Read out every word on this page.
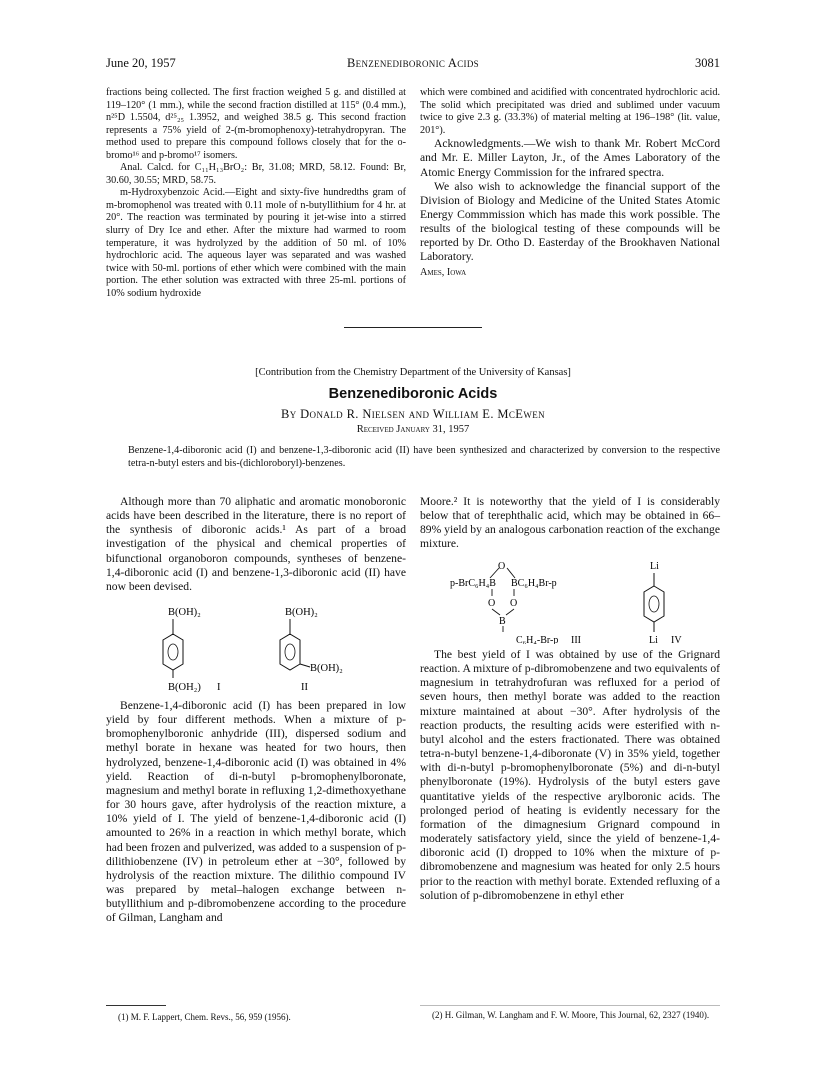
June 20, 1957	Benzenediboronic Acids	3081

fractions being collected. The first fraction weighed 5 g. and distilled at 119–120° (1 mm.), while the second fraction distilled at 115° (0.4 mm.), n²⁵D 1.5504, d²⁵₂₅ 1.3952, and weighed 38.5 g. This second fraction represents a 75% yield of 2-(m-bromophenoxy)-tetrahydropyran. The method used to prepare this compound follows closely that for the o-bromo¹⁶ and p-bromo¹⁷ isomers.

Anal. Calcd. for C₁₁H₁₃BrO₂: Br, 31.08; MRD, 58.12. Found: Br, 30.60, 30.55; MRD, 58.75.

m-Hydroxybenzoic Acid.—Eight and sixty-five hundredths gram of m-bromophenol was treated with 0.11 mole of n-butyllithium for 4 hr. at 20°. The reaction was terminated by pouring it jet-wise into a stirred slurry of Dry Ice and ether. After the mixture had warmed to room temperature, it was hydrolyzed by the addition of 50 ml. of 10% hydrochloric acid. The aqueous layer was separated and was washed twice with 50-ml. portions of ether which were combined with the main portion. The ether solution was extracted with three 25-ml. portions of 10% sodium hydroxide

which were combined and acidified with concentrated hydrochloric acid. The solid which precipitated was dried and sublimed under vacuum twice to give 2.3 g. (33.3%) of material melting at 196–198° (lit. value, 201°).

Acknowledgments.—We wish to thank Mr. Robert McCord and Mr. E. Miller Layton, Jr., of the Ames Laboratory of the Atomic Energy Commission for the infrared spectra.

We also wish to acknowledge the financial support of the Division of Biology and Medicine of the United States Atomic Energy Commmission which has made this work possible. The results of the biological testing of these compounds will be reported by Dr. Otho D. Easterday of the Brookhaven National Laboratory.

Ames, Iowa

[Contribution from the Chemistry Department of the University of Kansas]
Benzenediboronic Acids
By Donald R. Nielsen and William E. McEwen
Received January 31, 1957
Benzene-1,4-diboronic acid (I) and benzene-1,3-diboronic acid (II) have been synthesized and characterized by conversion to the respective tetra-n-butyl esters and bis-(dichloroboryl)-benzenes.

Although more than 70 aliphatic and aromatic monoboronic acids have been described in the literature, there is no report of the synthesis of diboronic acids.¹ As part of a broad investigation of the physical and chemical properties of bifunctional organoboron compounds, syntheses of benzene-1,4-diboronic acid (I) and benzene-1,3-diboronic acid (II) have now been devised.

B(OH)₂
B(OH₂) I
B(OH)₂
B(OH)₂
II

Benzene-1,4-diboronic acid (I) has been prepared in low yield by four different methods. When a mixture of p-bromophenylboronic anhydride (III), dispersed sodium and methyl borate in hexane was heated for two hours, then hydrolyzed, benzene-1,4-diboronic acid (I) was obtained in 4% yield. Reaction of di-n-butyl p-bromophenylboronate, magnesium and methyl borate in refluxing 1,2-dimethoxyethane for 30 hours gave, after hydrolysis of the reaction mixture, a 10% yield of I. The yield of benzene-1,4-diboronic acid (I) amounted to 26% in a reaction in which methyl borate, which had been frozen and pulverized, was added to a suspension of p-dilithiobenzene (IV) in petroleum ether at −30°, followed by hydrolysis of the reaction mixture. The dilithio compound IV was prepared by metal–halogen exchange between n-butyllithium and p-dibromobenzene according to the procedure of Gilman, Langham and

(1) M. F. Lappert, Chem. Revs., 56, 959 (1956).

Moore.² It is noteworthy that the yield of I is considerably below that of terephthalic acid, which may be obtained in 66–89% yield by an analogous carbonation reaction of the exchange mixture.

O
p-BrC₆H₄B BC₆H₄Br-p
O O
B
C₆H₄-Br-p III
Li
Li IV

The best yield of I was obtained by use of the Grignard reaction. A mixture of p-dibromobenzene and two equivalents of magnesium in tetrahydrofuran was refluxed for a period of seven hours, then methyl borate was added to the reaction mixture maintained at about −30°. After hydrolysis of the reaction products, the resulting acids were esterified with n-butyl alcohol and the esters fractionated. There was obtained tetra-n-butyl benzene-1,4-diboronate (V) in 35% yield, together with di-n-butyl p-bromophenylboronate (5%) and di-n-butyl phenylboronate (19%). Hydrolysis of the butyl esters gave quantitative yields of the respective arylboronic acids. The prolonged period of heating is evidently necessary for the formation of the dimagnesium Grignard compound in moderately satisfactory yield, since the yield of benzene-1,4-diboronic acid (I) dropped to 10% when the mixture of p-dibromobenzene and magnesium was heated for only 2.5 hours prior to the reaction with methyl borate. Extended refluxing of a solution of p-dibromobenzene in ethyl ether

(2) H. Gilman, W. Langham and F. W. Moore, This Journal, 62, 2327 (1940).
